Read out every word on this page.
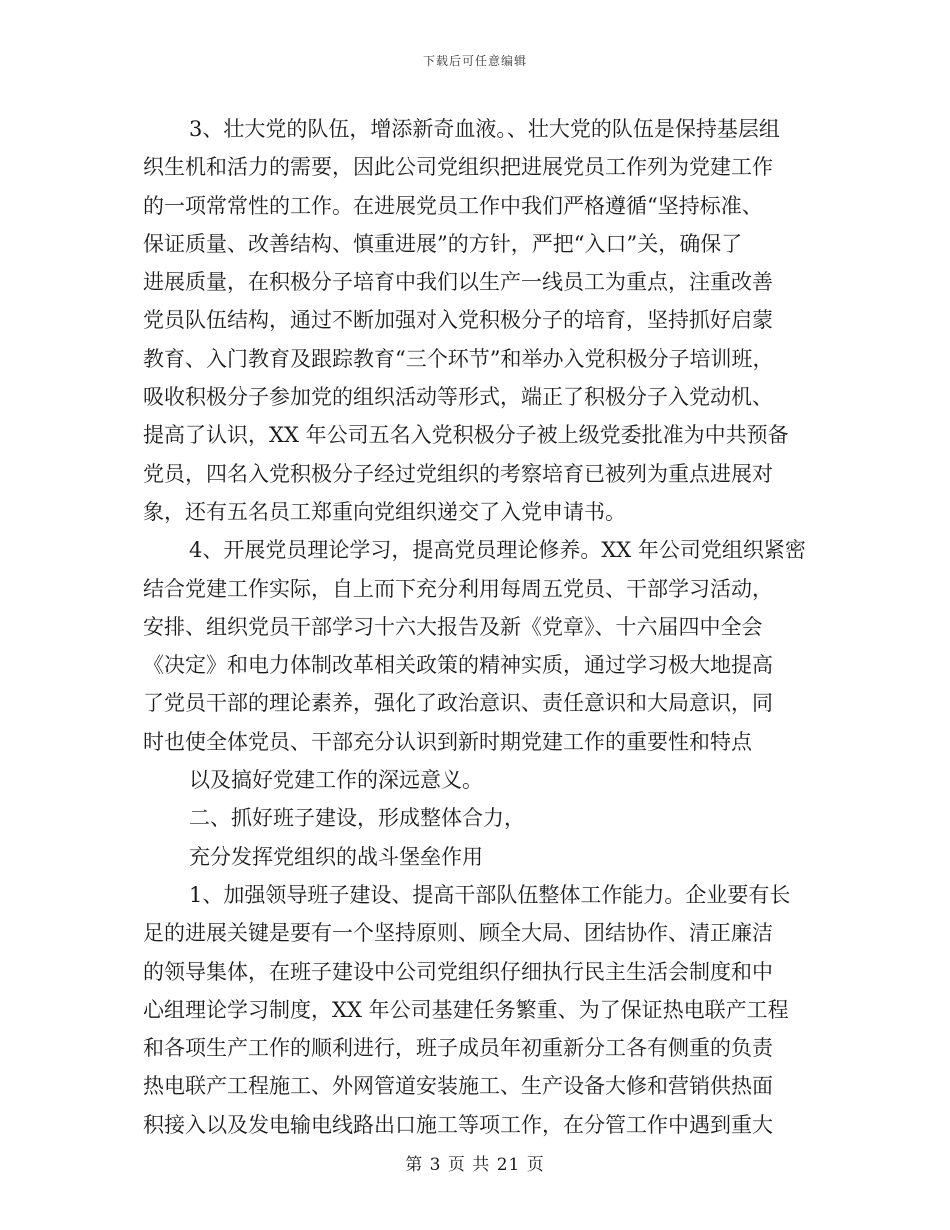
下载后可任意编辑
3、壮大党的队伍，增添新奇血液。、壮大党的队伍是保持基层组
织生机和活力的需要，因此公司党组织把进展党员工作列为党建工作
的一项常常性的工作。在进展党员工作中我们严格遵循“坚持标准、
保证质量、改善结构、慎重进展”的方针，严把“入口”关，确保了
进展质量，在积极分子培育中我们以生产一线员工为重点，注重改善
党员队伍结构，通过不断加强对入党积极分子的培育，坚持抓好启蒙
教育、入门教育及跟踪教育“三个环节”和举办入党积极分子培训班，
吸收积极分子参加党的组织活动等形式，端正了积极分子入党动机、
提高了认识，XX 年公司五名入党积极分子被上级党委批准为中共预备
党员，四名入党积极分子经过党组织的考察培育已被列为重点进展对
象，还有五名员工郑重向党组织递交了入党申请书。
4、开展党员理论学习，提高党员理论修养。XX 年公司党组织紧密
结合党建工作实际，自上而下充分利用每周五党员、干部学习活动，
安排、组织党员干部学习十六大报告及新《党章》、十六届四中全会
《决定》和电力体制改革相关政策的精神实质，通过学习极大地提高
了党员干部的理论素养，强化了政治意识、责任意识和大局意识，同
时也使全体党员、干部充分认识到新时期党建工作的重要性和特点
以及搞好党建工作的深远意义。
二、抓好班子建设，形成整体合力，
充分发挥党组织的战斗堡垒作用
1、加强领导班子建设、提高干部队伍整体工作能力。企业要有长
足的进展关键是要有一个坚持原则、顾全大局、团结协作、清正廉洁
的领导集体，在班子建设中公司党组织仔细执行民主生活会制度和中
心组理论学习制度，XX 年公司基建任务繁重、为了保证热电联产工程
和各项生产工作的顺利进行，班子成员年初重新分工各有侧重的负责
热电联产工程施工、外网管道安装施工、生产设备大修和营销供热面
积接入以及发电输电线路出口施工等项工作，在分管工作中遇到重大
第 3 页 共 21 页
